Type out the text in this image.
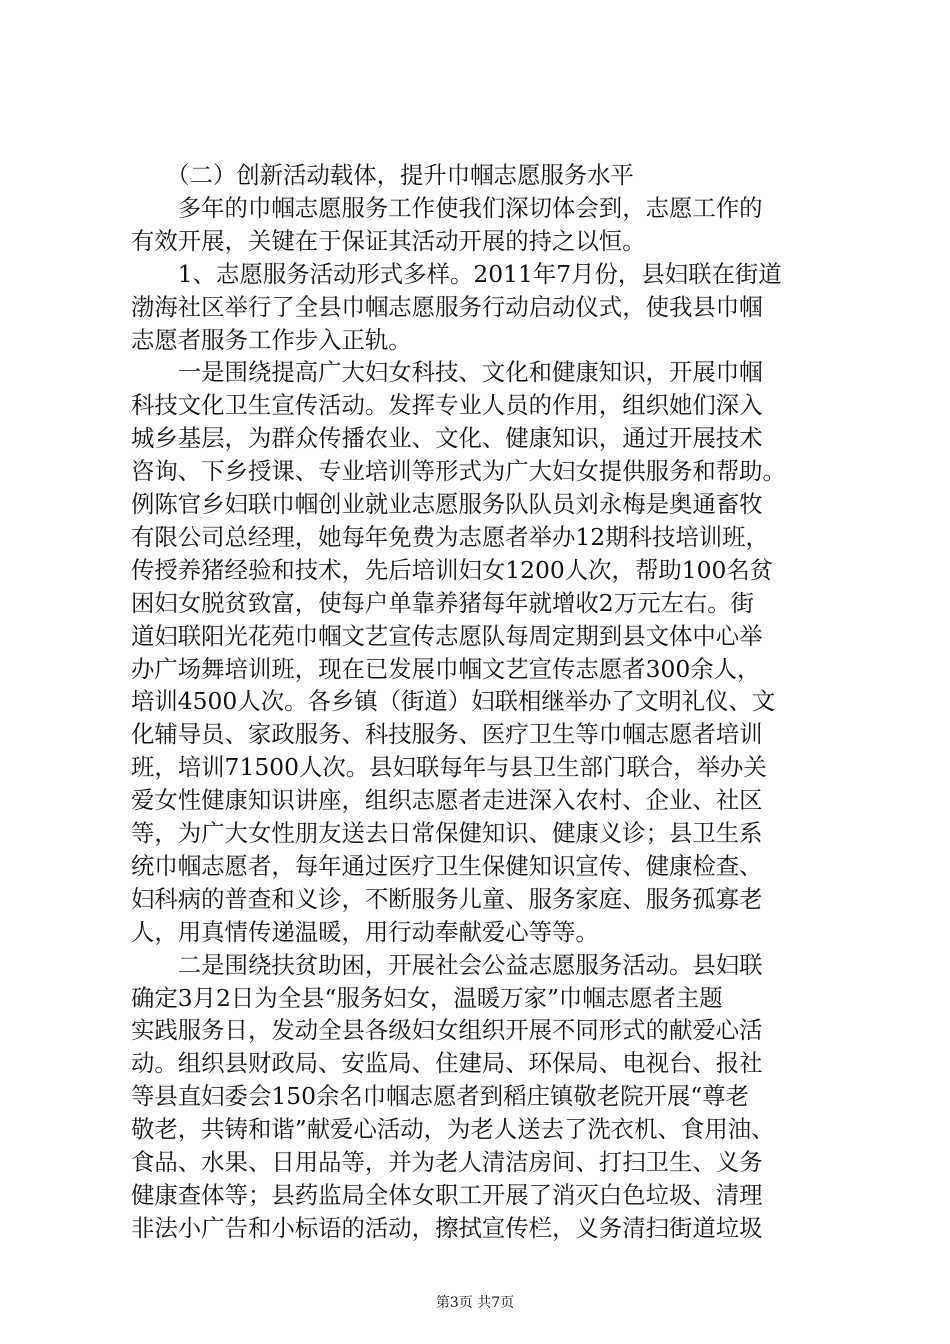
　　（二）创新活动载体，提升巾帼志愿服务水平
　　多年的巾帼志愿服务工作使我们深切体会到，志愿工作的
有效开展，关键在于保证其活动开展的持之以恒。
　　1、志愿服务活动形式多样。2011年7月份，县妇联在街道
渤海社区举行了全县巾帼志愿服务行动启动仪式，使我县巾帼
志愿者服务工作步入正轨。
　　一是围绕提高广大妇女科技、文化和健康知识，开展巾帼
科技文化卫生宣传活动。发挥专业人员的作用，组织她们深入
城乡基层，为群众传播农业、文化、健康知识，通过开展技术
咨询、下乡授课、专业培训等形式为广大妇女提供服务和帮助。
例陈官乡妇联巾帼创业就业志愿服务队队员刘永梅是奥通畜牧
有限公司总经理，她每年免费为志愿者举办12期科技培训班，
传授养猪经验和技术，先后培训妇女1200人次，帮助100名贫
困妇女脱贫致富，使每户单靠养猪每年就增收2万元左右。街
道妇联阳光花苑巾帼文艺宣传志愿队每周定期到县文体中心举
办广场舞培训班，现在已发展巾帼文艺宣传志愿者300余人，
培训4500人次。各乡镇（街道）妇联相继举办了文明礼仪、文
化辅导员、家政服务、科技服务、医疗卫生等巾帼志愿者培训
班，培训71500人次。县妇联每年与县卫生部门联合，举办关
爱女性健康知识讲座，组织志愿者走进深入农村、企业、社区
等，为广大女性朋友送去日常保健知识、健康义诊；县卫生系
统巾帼志愿者，每年通过医疗卫生保健知识宣传、健康检查、
妇科病的普查和义诊，不断服务儿童、服务家庭、服务孤寡老
人，用真情传递温暖，用行动奉献爱心等等。
　　二是围绕扶贫助困，开展社会公益志愿服务活动。县妇联
确定3月2日为全县“服务妇女，温暖万家”巾帼志愿者主题
实践服务日，发动全县各级妇女组织开展不同形式的献爱心活
动。组织县财政局、安监局、住建局、环保局、电视台、报社
等县直妇委会150余名巾帼志愿者到稻庄镇敬老院开展“尊老
敬老，共铸和谐”献爱心活动，为老人送去了洗衣机、食用油、
食品、水果、日用品等，并为老人清洁房间、打扫卫生、义务
健康查体等；县药监局全体女职工开展了消灭白色垃圾、清理
非法小广告和小标语的活动，擦拭宣传栏，义务清扫街道垃圾
第3页 共7页
